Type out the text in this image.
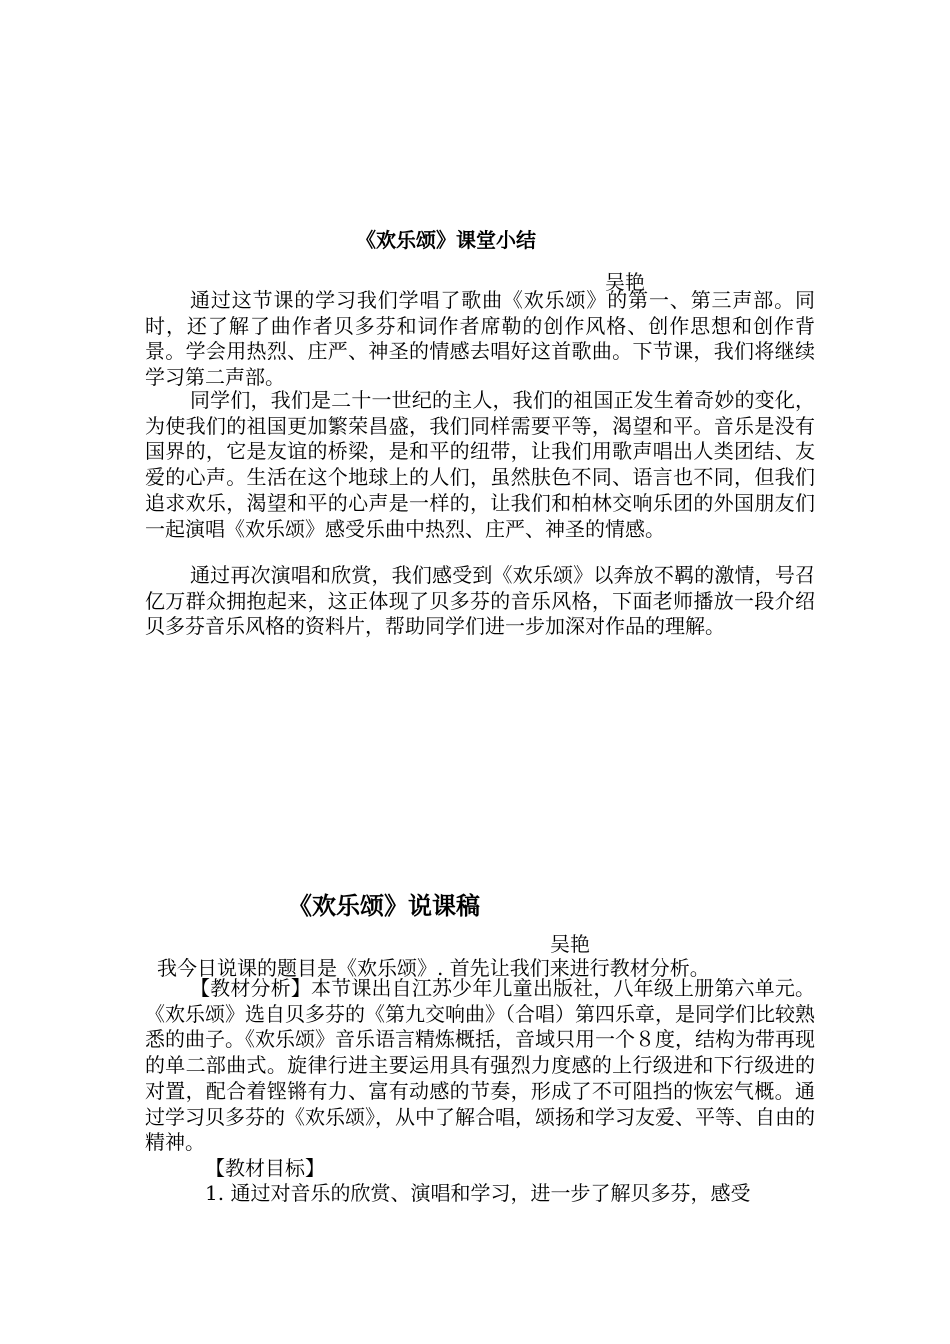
《欢乐颂》课堂小结
吴艳

通过这节课的学习我们学唱了歌曲《欢乐颂》的第一、第三声部。同时，还了解了曲作者贝多芬和词作者席勒的创作风格、创作思想和创作背景。学会用热烈、庄严、神圣的情感去唱好这首歌曲。下节课，我们将继续学习第二声部。

同学们，我们是二十一世纪的主人，我们的祖国正发生着奇妙的变化，为使我们的祖国更加繁荣昌盛，我们同样需要平等，渴望和平。音乐是没有国界的，它是友谊的桥梁，是和平的纽带，让我们用歌声唱出人类团结、友爱的心声。生活在这个地球上的人们，虽然肤色不同、语言也不同，但我们追求欢乐，渴望和平的心声是一样的，让我们和柏林交响乐团的外国朋友们一起演唱《欢乐颂》感受乐曲中热烈、庄严、神圣的情感。

通过再次演唱和欣赏，我们感受到《欢乐颂》以奔放不羁的激情，号召亿万群众拥抱起来，这正体现了贝多芬的音乐风格，下面老师播放一段介绍贝多芬音乐风格的资料片，帮助同学们进一步加深对作品的理解。

《欢乐颂》说课稿
吴艳

我今日说课的题目是《欢乐颂》. 首先让我们来进行教材分析。

【教材分析】本节课出自江苏少年儿童出版社，八年级上册第六单元。《欢乐颂》选自贝多芬的《第九交响曲》（合唱）第四乐章，是同学们比较熟悉的曲子。《欢乐颂》音乐语言精炼概括，音域只用一个８度，结构为带再现的单二部曲式。旋律行进主要运用具有强烈力度感的上行级进和下行级进的对置，配合着铿锵有力、富有动感的节奏，形成了不可阻挡的恢宏气概。通过学习贝多芬的《欢乐颂》，从中了解合唱，颂扬和学习友爱、平等、自由的精神。

【教材目标】

1. 通过对音乐的欣赏、演唱和学习，进一步了解贝多芬，感受
